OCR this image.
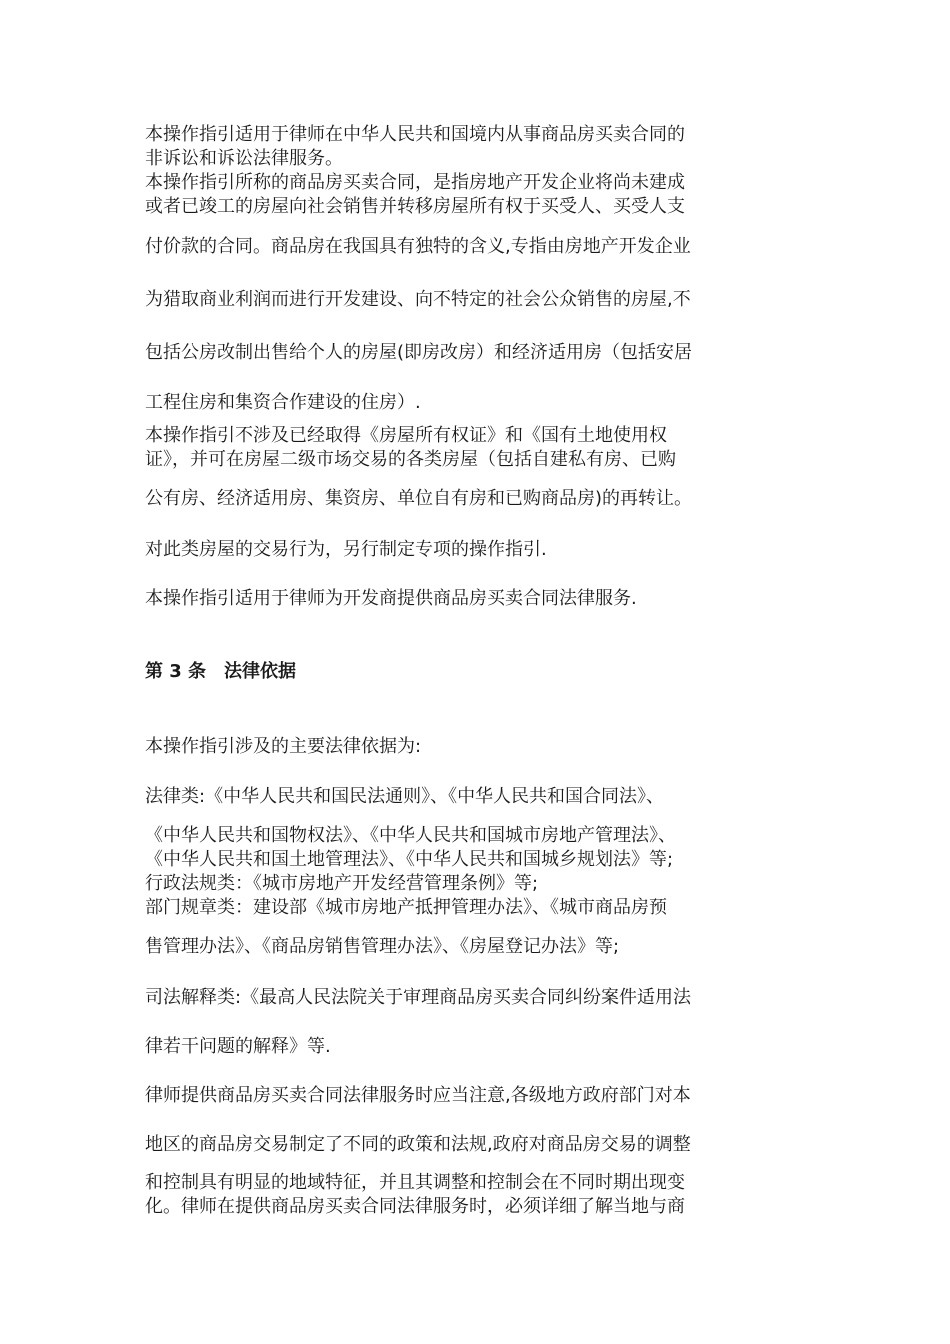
本操作指引适用于律师在中华人民共和国境内从事商品房买卖合同的
非诉讼和诉讼法律服务。
本操作指引所称的商品房买卖合同，是指房地产开发企业将尚未建成
或者已竣工的房屋向社会销售并转移房屋所有权于买受人、买受人支
付价款的合同。商品房在我国具有独特的含义,专指由房地产开发企业
为猎取商业利润而进行开发建设、向不特定的社会公众销售的房屋,不
包括公房改制出售给个人的房屋(即房改房）和经济适用房（包括安居
工程住房和集资合作建设的住房）.
本操作指引不涉及已经取得《房屋所有权证》和《国有土地使用权
证》，并可在房屋二级市场交易的各类房屋（包括自建私有房、已购
公有房、经济适用房、集资房、单位自有房和已购商品房)的再转让。
对此类房屋的交易行为，另行制定专项的操作指引.
本操作指引适用于律师为开发商提供商品房买卖合同法律服务.
第 3 条　法律依据
本操作指引涉及的主要法律依据为:
法律类:《中华人民共和国民法通则》、《中华人民共和国合同法》、
《中华人民共和国物权法》、《中华人民共和国城市房地产管理法》、
《中华人民共和国土地管理法》、《中华人民共和国城乡规划法》等;
行政法规类：《城市房地产开发经营管理条例》等;
部门规章类：建设部《城市房地产抵押管理办法》、《城市商品房预
售管理办法》、《商品房销售管理办法》、《房屋登记办法》等;
司法解释类:《最高人民法院关于审理商品房买卖合同纠纷案件适用法
律若干问题的解释》等.
律师提供商品房买卖合同法律服务时应当注意,各级地方政府部门对本
地区的商品房交易制定了不同的政策和法规,政府对商品房交易的调整
和控制具有明显的地域特征，并且其调整和控制会在不同时期出现变
化。律师在提供商品房买卖合同法律服务时，必须详细了解当地与商
